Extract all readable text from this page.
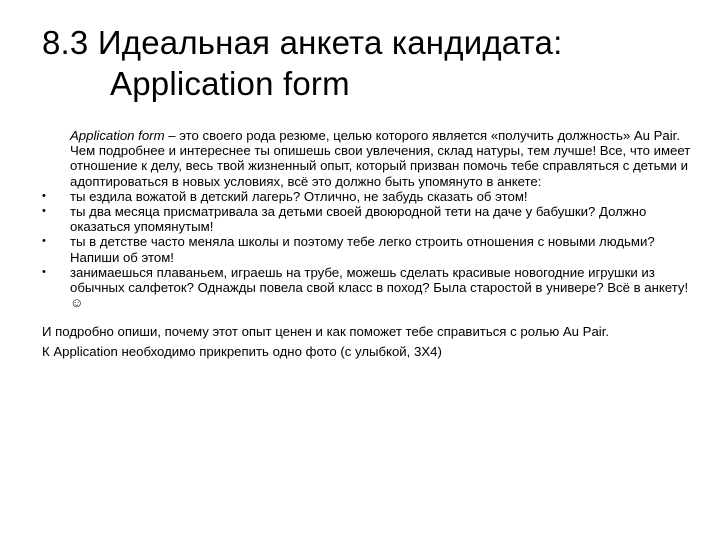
8.3 Идеальная анкета кандидата:
Application form
Application form – это своего рода резюме, целью которого является «получить должность» Au Pair. Чем подробнее и интереснее ты опишешь свои увлечения, склад натуры, тем лучше! Все, что имеет отношение к делу, весь твой жизненный опыт, который призван помочь тебе справляться с детьми и адоптироваться в новых условиях, всё это должно быть упомянуто в анкете:
•	ты ездила вожатой в детский лагерь? Отлично, не забудь сказать об этом!
•	ты два месяца присматривала за детьми своей двоюродной тети на даче у бабушки? Должно оказаться упомянутым!
•	ты в детстве часто меняла школы и поэтому тебе легко строить отношения с новыми людьми? Напиши об этом!
•	занимаешься плаваньем, играешь на трубе, можешь сделать красивые новогодние игрушки из обычных салфеток? Однажды повела свой класс в поход? Была старостой в универе? Всё в анкету! ☺
И подробно опиши, почему этот опыт ценен и как поможет тебе справиться с ролью Au Pair.
К Application необходимо прикрепить одно фото (с улыбкой, 3Х4)
